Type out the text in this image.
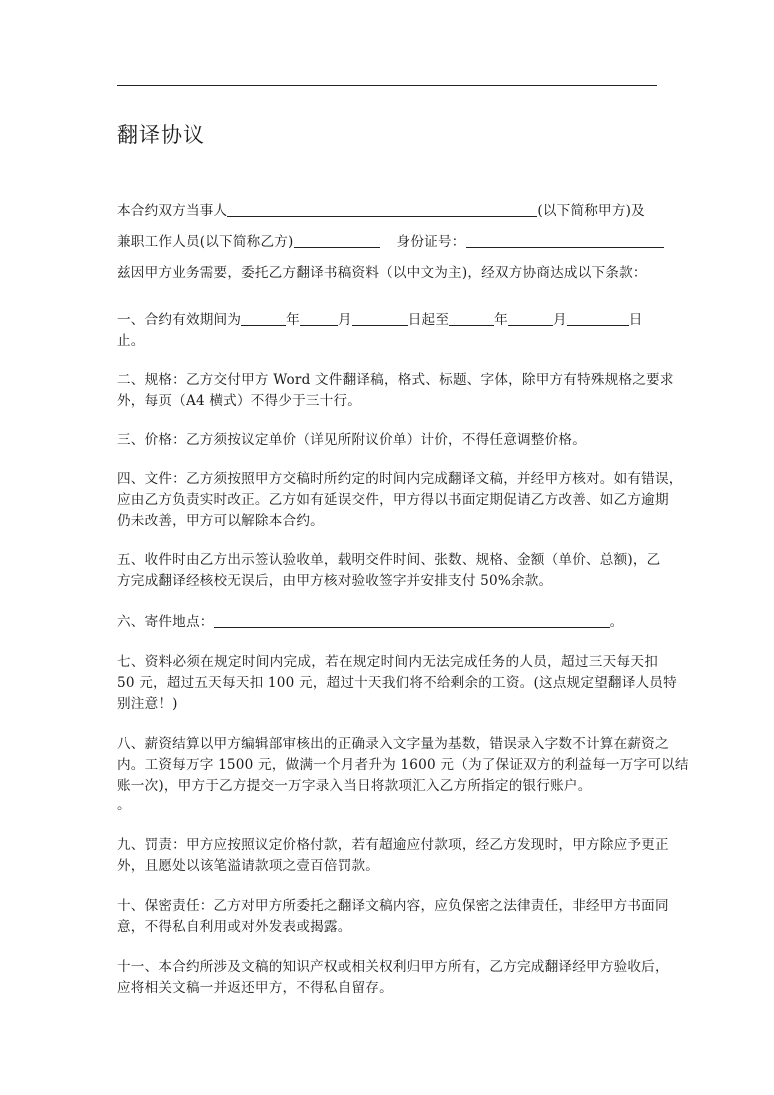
翻译协议
本合约双方当事人	(以下简称甲方)及
兼职工作人员(以下简称乙方)	身份证号：
兹因甲方业务需要，委托乙方翻译书稿资料（以中文为主)，经双方协商达成以下条款：
一、合约有效期间为	年	月	日起至	年	月	日
止。
二、规格：乙方交付甲方 Word 文件翻译稿，格式、标题、字体，除甲方有特殊规格之要求
外，每页（A4 横式）不得少于三十行。
三、价格：乙方须按议定单价（详见所附议价单）计价，不得任意调整价格。
四、文件：乙方须按照甲方交稿时所约定的时间内完成翻译文稿，并经甲方核对。如有错误，
应由乙方负责实时改正。乙方如有延误交件，甲方得以书面定期促请乙方改善、如乙方逾期
仍未改善，甲方可以解除本合约。
五、收件时由乙方出示签认验收单，载明交件时间、张数、规格、金额（单价、总额)，乙
方完成翻译经核校无误后，由甲方核对验收签字并安排支付 50%余款。
六、寄件地点：	。
七、资料必须在规定时间内完成，若在规定时间内无法完成任务的人员，超过三天每天扣
50 元，超过五天每天扣 100 元，超过十天我们将不给剩余的工资。(这点规定望翻译人员特
别注意！)
八、薪资结算以甲方编辑部审核出的正确录入文字量为基数，错误录入字数不计算在薪资之
内。工资每万字 1500 元，做满一个月者升为 1600 元（为了保证双方的利益每一万字可以结
账一次)，甲方于乙方提交一万字录入当日将款项汇入乙方所指定的银行账户。
。
九、罚责：甲方应按照议定价格付款，若有超逾应付款项，经乙方发现时，甲方除应予更正
外，且愿处以该笔溢请款项之壹百倍罚款。
十、保密责任：乙方对甲方所委托之翻译文稿内容，应负保密之法律责任，非经甲方书面同
意，不得私自利用或对外发表或揭露。
十一、本合约所涉及文稿的知识产权或相关权利归甲方所有，乙方完成翻译经甲方验收后，
应将相关文稿一并返还甲方，不得私自留存。
